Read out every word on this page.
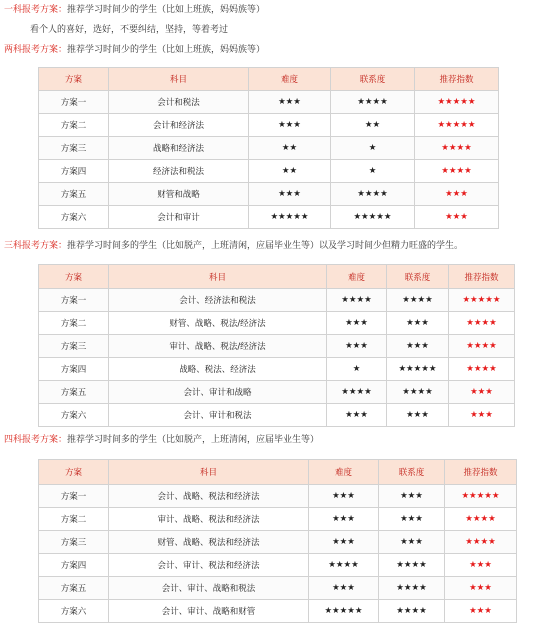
一科报考方案：推荐学习时间少的学生（比如上班族，妈妈族等）
看个人的喜好，选好，不要纠结，坚持，等着考过
两科报考方案：推荐学习时间少的学生（比如上班族，妈妈族等）
方案	科目	难度	联系度	推荐指数
方案一	会计和税法	★★★	★★★★	★★★★★
方案二	会计和经济法	★★★	★★	★★★★★
方案三	战略和经济法	★★	★	★★★★
方案四	经济法和税法	★★	★	★★★★
方案五	财管和战略	★★★	★★★★	★★★
方案六	会计和审计	★★★★★	★★★★★	★★★
三科报考方案：推荐学习时间多的学生（比如脱产，上班清闲，应届毕业生等）以及学习时间少但精力旺盛的学生。
方案	科目	难度	联系度	推荐指数
方案一	会计、经济法和税法	★★★★	★★★★	★★★★★
方案二	财管、战略、税法/经济法	★★★	★★★	★★★★
方案三	审计、战略、税法/经济法	★★★	★★★	★★★★
方案四	战略、税法、经济法	★	★★★★★	★★★★
方案五	会计、审计和战略	★★★★	★★★★	★★★
方案六	会计、审计和税法	★★★	★★★	★★★
四科报考方案：推荐学习时间多的学生（比如脱产，上班清闲，应届毕业生等）
方案	科目	难度	联系度	推荐指数
方案一	会计、战略、税法和经济法	★★★	★★★	★★★★★
方案二	审计、战略、税法和经济法	★★★	★★★	★★★★
方案三	财管、战略、税法和经济法	★★★	★★★	★★★★
方案四	会计、审计、税法和经济法	★★★★	★★★★	★★★
方案五	会计、审计、战略和税法	★★★	★★★★	★★★
方案六	会计、审计、战略和财管	★★★★★	★★★★	★★★
